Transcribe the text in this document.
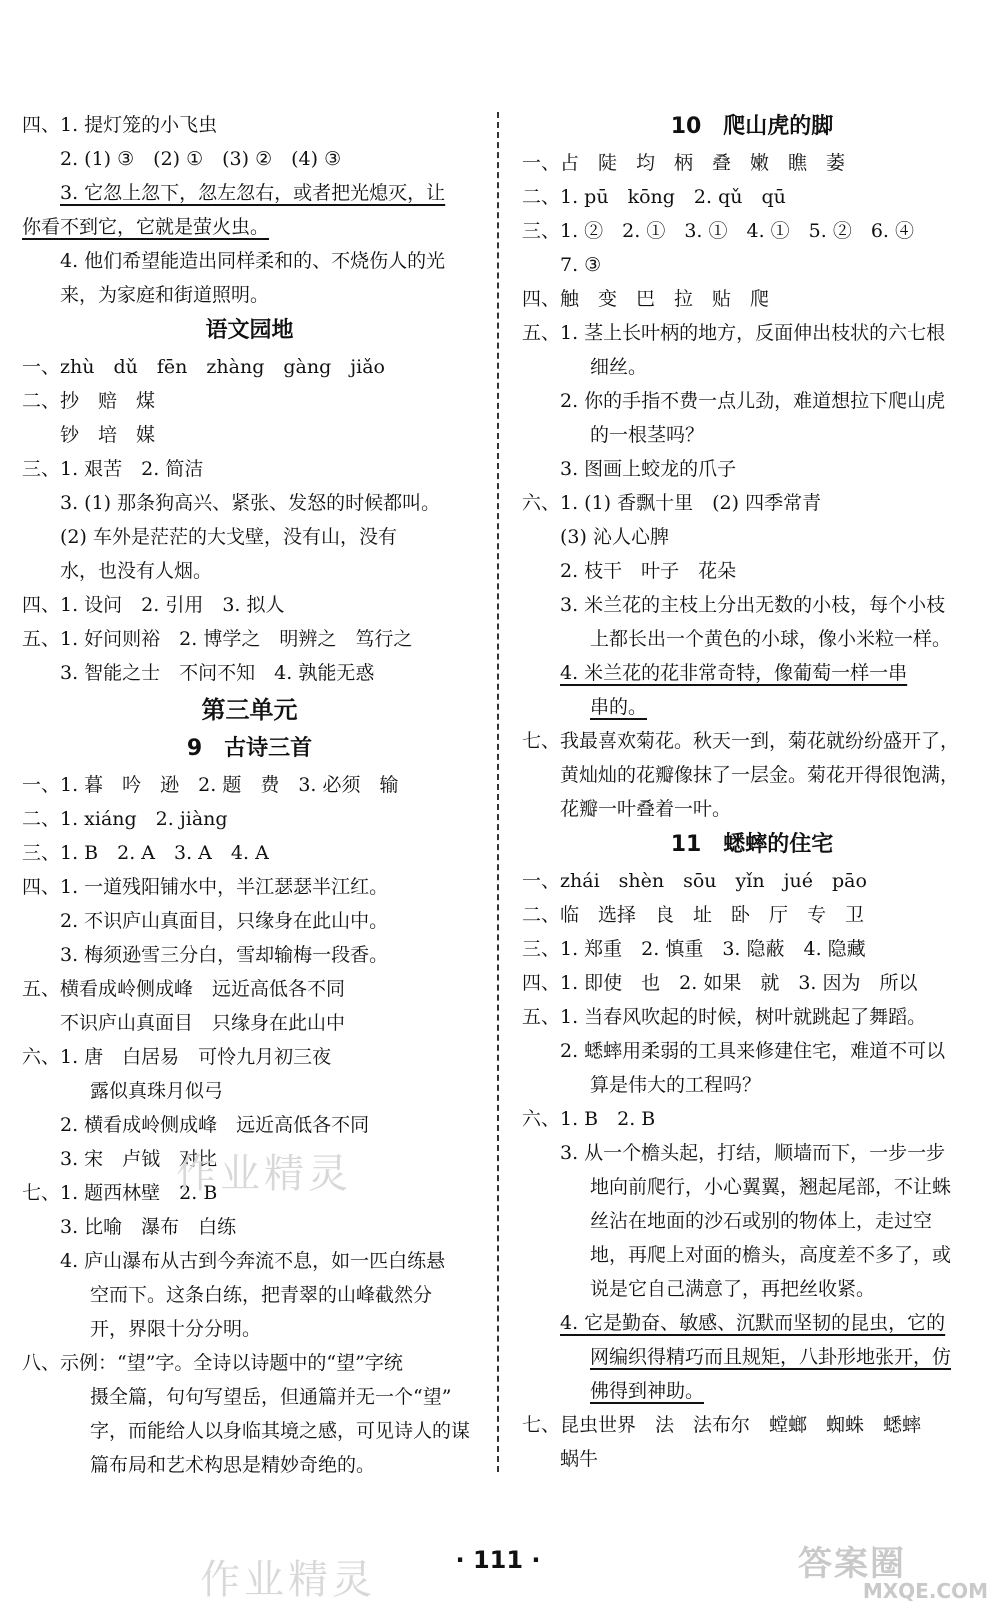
四、1. 提灯笼的小飞虫
2. (1) ③　(2) ①　(3) ②　(4) ③
3. 它忽上忽下，忽左忽右，或者把光熄灭，让
你看不到它，它就是萤火虫。
4. 他们希望能造出同样柔和的、不烧伤人的光
来，为家庭和街道照明。
语文园地
一、zhù　dǔ　fēn　zhàng　gàng　jiǎo
二、抄　赔　煤
钞　培　媒
三、1. 艰苦　2. 简洁
3. (1) 那条狗高兴、紧张、发怒的时候都叫。
(2) 车外是茫茫的大戈壁，没有山，没有
水，也没有人烟。
四、1. 设问　2. 引用　3. 拟人
五、1. 好问则裕　2. 博学之　明辨之　笃行之
3. 智能之士　不问不知　4. 孰能无惑
第三单元
9　古诗三首
一、1. 暮　吟　逊　2. 题　费　3. 必须　输
二、1. xiáng　2. jiàng
三、1. B　2. A　3. A　4. A
四、1. 一道残阳铺水中，半江瑟瑟半江红。
2. 不识庐山真面目，只缘身在此山中。
3. 梅须逊雪三分白，雪却输梅一段香。
五、横看成岭侧成峰　远近高低各不同
不识庐山真面目　只缘身在此山中
六、1. 唐　白居易　可怜九月初三夜
露似真珠月似弓
2. 横看成岭侧成峰　远近高低各不同
3. 宋　卢钺　对比
七、1. 题西林壁　2. B
3. 比喻　瀑布　白练
4. 庐山瀑布从古到今奔流不息，如一匹白练悬
空而下。这条白练，把青翠的山峰截然分
开，界限十分分明。
八、示例：“望”字。全诗以诗题中的“望”字统
摄全篇，句句写望岳，但通篇并无一个“望”
字，而能给人以身临其境之感，可见诗人的谋
篇布局和艺术构思是精妙奇绝的。
10　爬山虎的脚
一、占　陡　均　柄　叠　嫩　瞧　萎
二、1. pū　kōng　2. qǔ　qū
三、1. ②　2. ①　3. ①　4. ①　5. ②　6. ④
7. ③
四、触　变　巴　拉　贴　爬
五、1. 茎上长叶柄的地方，反面伸出枝状的六七根
细丝。
2. 你的手指不费一点儿劲，难道想拉下爬山虎
的一根茎吗？
3. 图画上蛟龙的爪子
六、1. (1) 香飘十里　(2) 四季常青
(3) 沁人心脾
2. 枝干　叶子　花朵
3. 米兰花的主枝上分出无数的小枝，每个小枝
上都长出一个黄色的小球，像小米粒一样。
4. 米兰花的花非常奇特，像葡萄一样一串
串的。
七、我最喜欢菊花。秋天一到，菊花就纷纷盛开了，
黄灿灿的花瓣像抹了一层金。菊花开得很饱满，
花瓣一叶叠着一叶。
11　蟋蟀的住宅
一、zhái　shèn　sōu　yǐn　jué　pāo
二、临　选择　良　址　卧　厅　专　卫
三、1. 郑重　2. 慎重　3. 隐蔽　4. 隐藏
四、1. 即使　也　2. 如果　就　3. 因为　所以
五、1. 当春风吹起的时候，树叶就跳起了舞蹈。
2. 蟋蟀用柔弱的工具来修建住宅，难道不可以
算是伟大的工程吗？
六、1. B　2. B
3. 从一个檐头起，打结，顺墙而下，一步一步
地向前爬行，小心翼翼，翘起尾部，不让蛛
丝沾在地面的沙石或别的物体上，走过空
地，再爬上对面的檐头，高度差不多了，或
说是它自己满意了，再把丝收紧。
4. 它是勤奋、敏感、沉默而坚韧的昆虫，它的
网编织得精巧而且规矩，八卦形地张开，仿
佛得到神助。
七、昆虫世界　法　法布尔　螳螂　蜘蛛　蟋蟀
蜗牛
作业精灵
作业精灵	· 111 ·	答案圈
MXQE.COM
